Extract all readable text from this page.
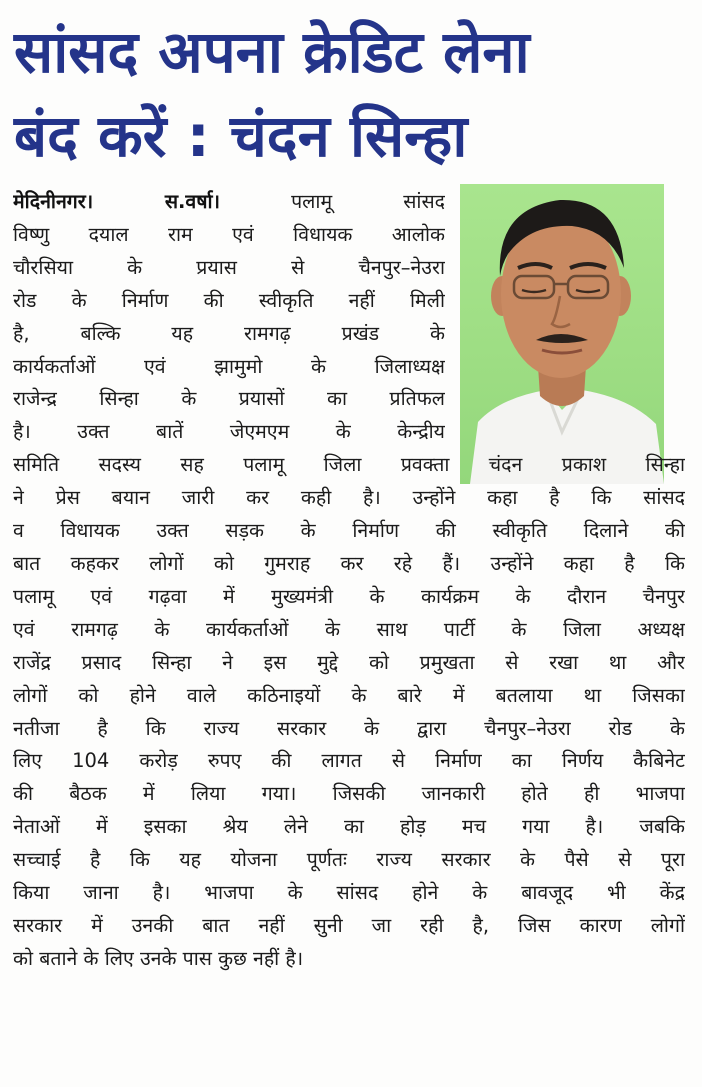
सांसद अपना क्रेडिट लेना
बंद करें : चंदन सिन्हा
मेदिनीनगर। स.वर्षा।	पलामू सांसद
विष्णु दयाल राम एवं विधायक आलोक
चौरसिया के प्रयास से चैनपुर–नेउरा
रोड के निर्माण की स्वीकृति नहीं मिली
है, बल्कि यह रामगढ़ प्रखंड के
कार्यकर्ताओं एवं झामुमो के जिलाध्यक्ष
राजेन्द्र सिन्हा के प्रयासों का प्रतिफल
है। उक्त बातें जेएमएम के केन्द्रीय
समिति सदस्य सह पलामू जिला प्रवक्ता चंदन प्रकाश सिन्हा
ने प्रेस बयान जारी कर कही है। उन्होंने कहा है कि सांसद
व विधायक उक्त सड़क के निर्माण की स्वीकृति दिलाने की
बात कहकर लोगों को गुमराह कर रहे हैं। उन्होंने कहा है कि
पलामू एवं गढ़वा में मुख्यमंत्री के कार्यक्रम के दौरान चैनपुर
एवं रामगढ़ के कार्यकर्ताओं के साथ पार्टी के जिला अध्यक्ष
राजेंद्र प्रसाद सिन्हा ने इस मुद्दे को प्रमुखता से रखा था और
लोगों को होने वाले कठिनाइयों के बारे में बतलाया था जिसका
नतीजा है कि राज्य सरकार के द्वारा चैनपुर–नेउरा रोड के
लिए 104 करोड़ रुपए की लागत से निर्माण का निर्णय कैबिनेट
की बैठक में लिया गया। जिसकी जानकारी होते ही भाजपा
नेताओं में इसका श्रेय लेने का होड़ मच गया है। जबकि
सच्चाई है कि यह योजना पूर्णतः राज्य सरकार के पैसे से पूरा
किया जाना है। भाजपा के सांसद होने के बावजूद भी केंद्र
सरकार में उनकी बात नहीं सुनी जा रही है, जिस कारण लोगों
को बताने के लिए उनके पास कुछ नहीं है।
